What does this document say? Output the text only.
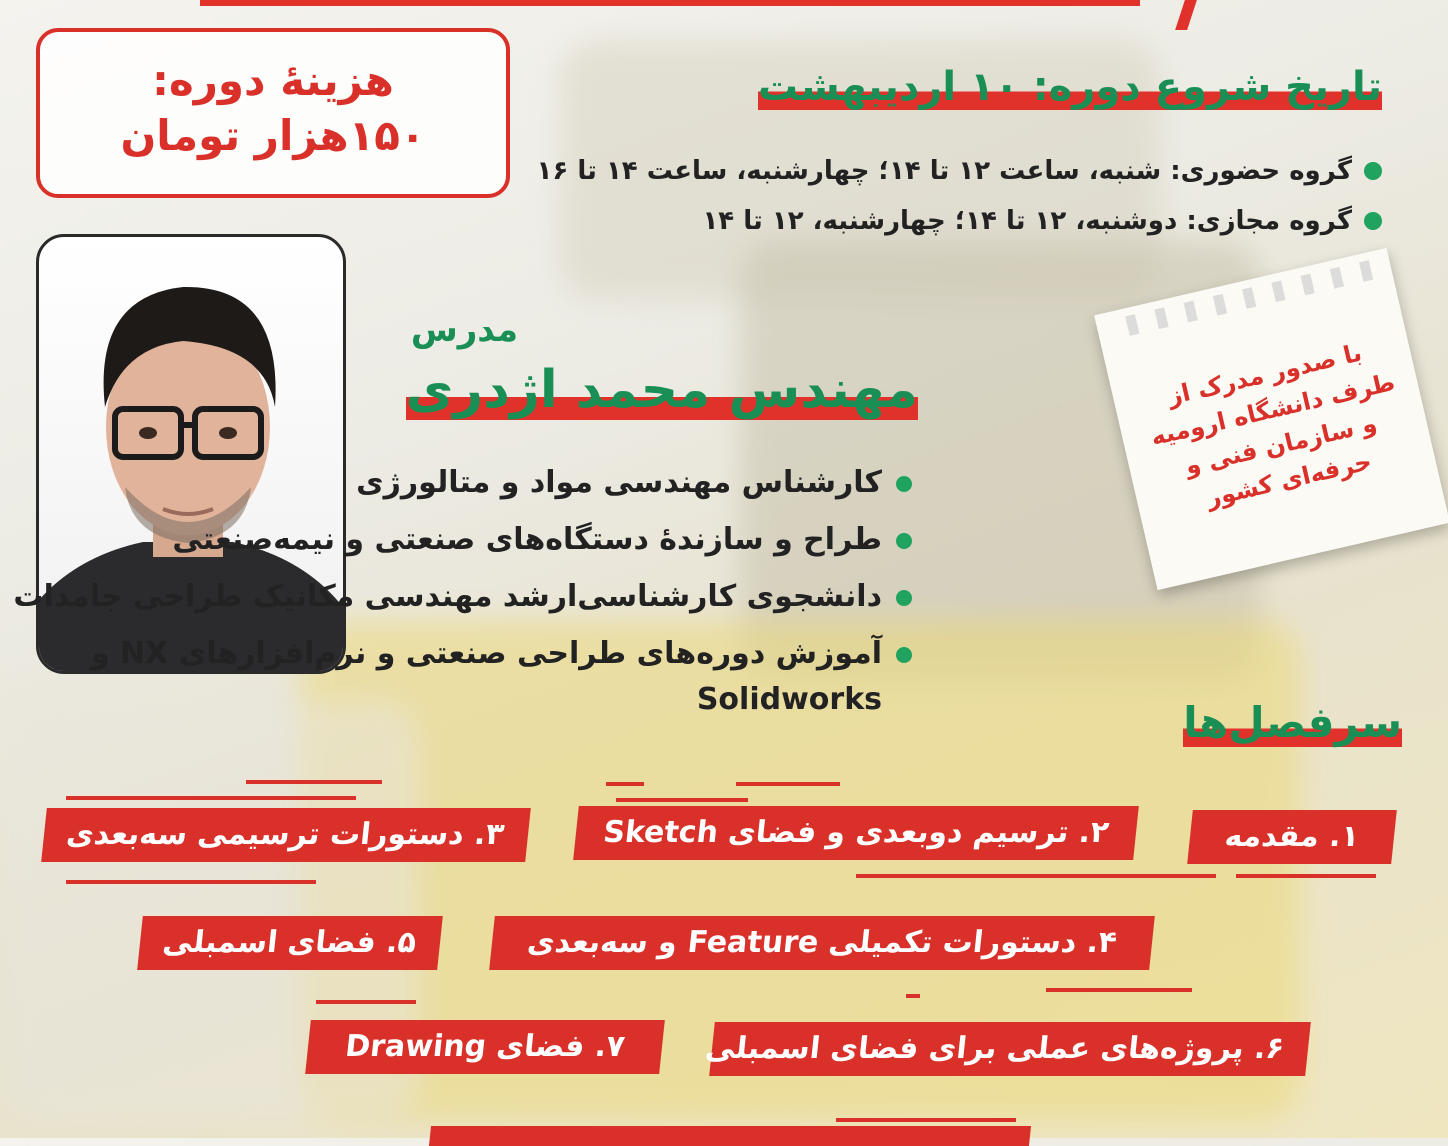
هزینهٔ دوره:
۱۵۰هزار تومان
تاریخ شروع دوره: ۱۰ اردیبهشت
گروه حضوری: شنبه، ساعت ۱۲ تا ۱۴؛ چهارشنبه، ساعت ۱۴ تا ۱۶
گروه مجازی: دوشنبه، ۱۲ تا ۱۴؛ چهارشنبه، ۱۲ تا ۱۴
با صدور مدرک از طرف دانشگاه ارومیه و سازمان فنی و حرفه‌ای کشور
مدرس
مهندس محمد اژدری
کارشناس مهندسی مواد و متالورژی
طراح و سازندهٔ دستگاه‌های صنعتی و نیمه‌صنعتی
دانشجوی کارشناسی‌ارشد مهندسی مکانیک طراحی جامدات
آموزش دوره‌های طراحی صنعتی و نرم‌افزارهای NX و Solidworks	سرفصل‌ها
۱. مقدمه
۲. ترسیم دوبعدی و فضای Sketch
۳. دستورات ترسیمی سه‌بعدی
۴. دستورات تکمیلی Feature و سه‌بعدی
۵. فضای اسمبلی
۶. پروژه‌های عملی برای فضای اسمبلی
۷. فضای Drawing
